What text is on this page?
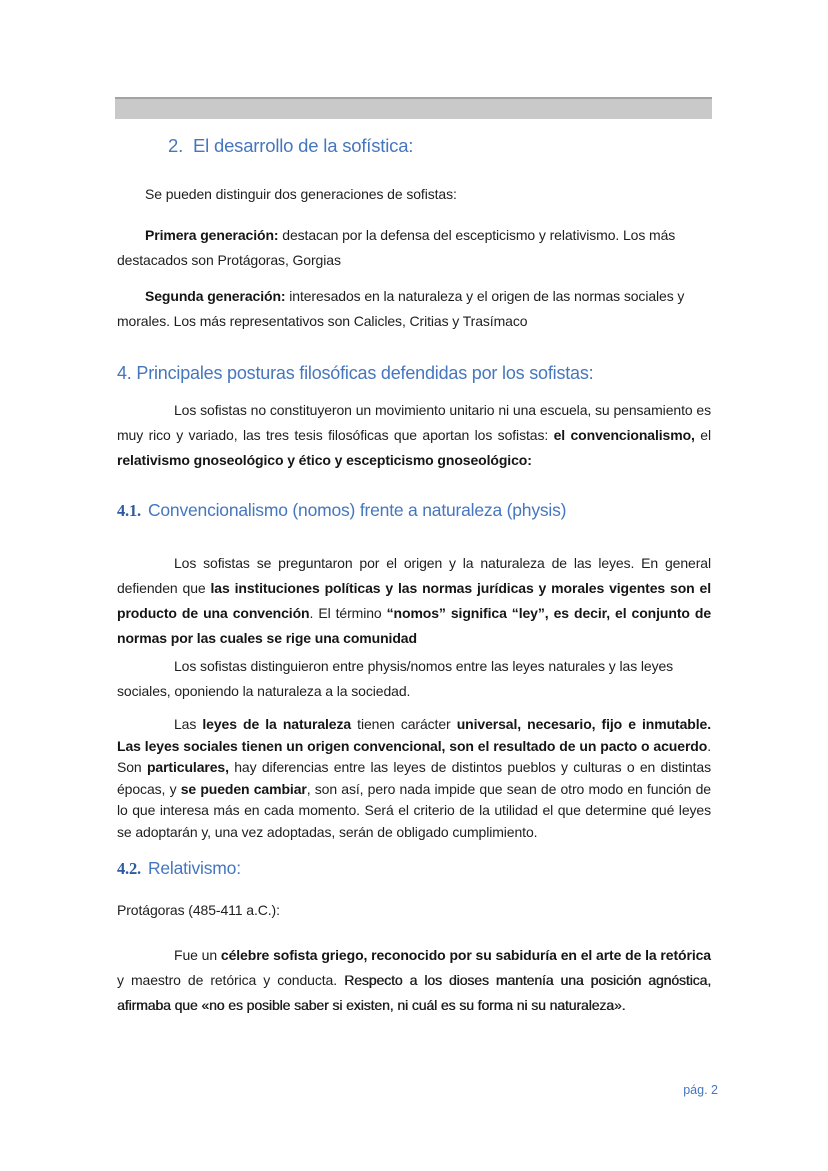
2. El desarrollo de la sofística:

Se pueden distinguir dos generaciones de sofistas:

Primera generación: destacan por la defensa del escepticismo y relativismo. Los más destacados son Protágoras, Gorgias

Segunda generación: interesados en la naturaleza y el origen de las normas sociales y morales. Los más representativos son Calicles, Critias y Trasímaco

4. Principales posturas filosóficas defendidas por los sofistas:

Los sofistas no constituyeron un movimiento unitario ni una escuela, su pensamiento es muy rico y variado, las tres tesis filosóficas que aportan los sofistas: el convencionalismo, el relativismo gnoseológico y ético y escepticismo gnoseológico:

4.1. Convencionalismo (nomos) frente a naturaleza (physis)

Los sofistas se preguntaron por el origen y la naturaleza de las leyes. En general defienden que las instituciones políticas y las normas jurídicas y morales vigentes son el producto de una convención. El término “nomos” significa “ley”, es decir, el conjunto de normas por las cuales se rige una comunidad

Los sofistas distinguieron entre physis/nomos entre las leyes naturales y las leyes sociales, oponiendo la naturaleza a la sociedad.

Las leyes de la naturaleza tienen carácter universal, necesario, fijo e inmutable. Las leyes sociales tienen un origen convencional, son el resultado de un pacto o acuerdo. Son particulares, hay diferencias entre las leyes de distintos pueblos y culturas o en distintas épocas, y se pueden cambiar, son así, pero nada impide que sean de otro modo en función de lo que interesa más en cada momento. Será el criterio de la utilidad el que determine qué leyes se adoptarán y, una vez adoptadas, serán de obligado cumplimiento.

4.2. Relativismo:

Protágoras (485-411 a.C.):

Fue un célebre sofista griego, reconocido por su sabiduría en el arte de la retórica y maestro de retórica y conducta. Respecto a los dioses mantenía una posición agnóstica, afirmaba que «no es posible saber si existen, ni cuál es su forma ni su naturaleza».

pág. 2
